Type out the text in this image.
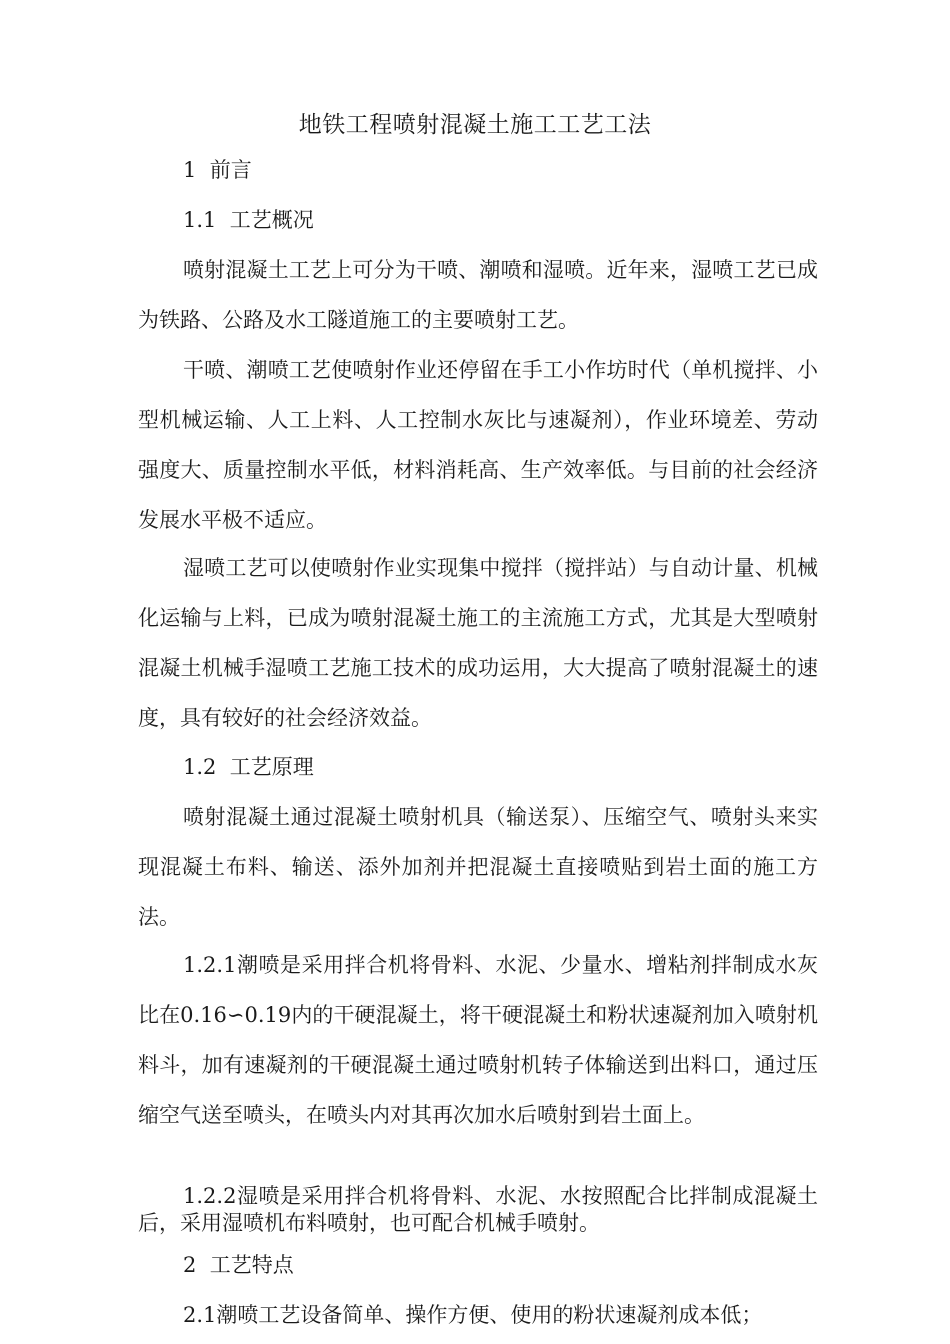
地铁工程喷射混凝土施工工艺工法
1  前言
1.1  工艺概况

喷射混凝土工艺上可分为干喷、潮喷和湿喷。近年来，湿喷工艺已成为铁路、公路及水工隧道施工的主要喷射工艺。

干喷、潮喷工艺使喷射作业还停留在手工小作坊时代（单机搅拌、小型机械运输、人工上料、人工控制水灰比与速凝剂），作业环境差、劳动强度大、质量控制水平低，材料消耗高、生产效率低。与目前的社会经济发展水平极不适应。

湿喷工艺可以使喷射作业实现集中搅拌（搅拌站）与自动计量、机械化运输与上料，已成为喷射混凝土施工的主流施工方式，尤其是大型喷射混凝土机械手湿喷工艺施工技术的成功运用，大大提高了喷射混凝土的速度，具有较好的社会经济效益。

1.2  工艺原理

喷射混凝土通过混凝土喷射机具（输送泵）、压缩空气、喷射头来实现混凝土布料、输送、添外加剂并把混凝土直接喷贴到岩土面的施工方法。

1.2.1潮喷是采用拌合机将骨料、水泥、少量水、增粘剂拌制成水灰比在0.16∽0.19内的干硬混凝土，将干硬混凝土和粉状速凝剂加入喷射机料斗，加有速凝剂的干硬混凝土通过喷射机转子体输送到出料口，通过压缩空气送至喷头，在喷头内对其再次加水后喷射到岩土面上。

1.2.2湿喷是采用拌合机将骨料、水泥、水按照配合比拌制成混凝土后，采用湿喷机布料喷射，也可配合机械手喷射。

2  工艺特点

2.1潮喷工艺设备简单、操作方便、使用的粉状速凝剂成本低；
